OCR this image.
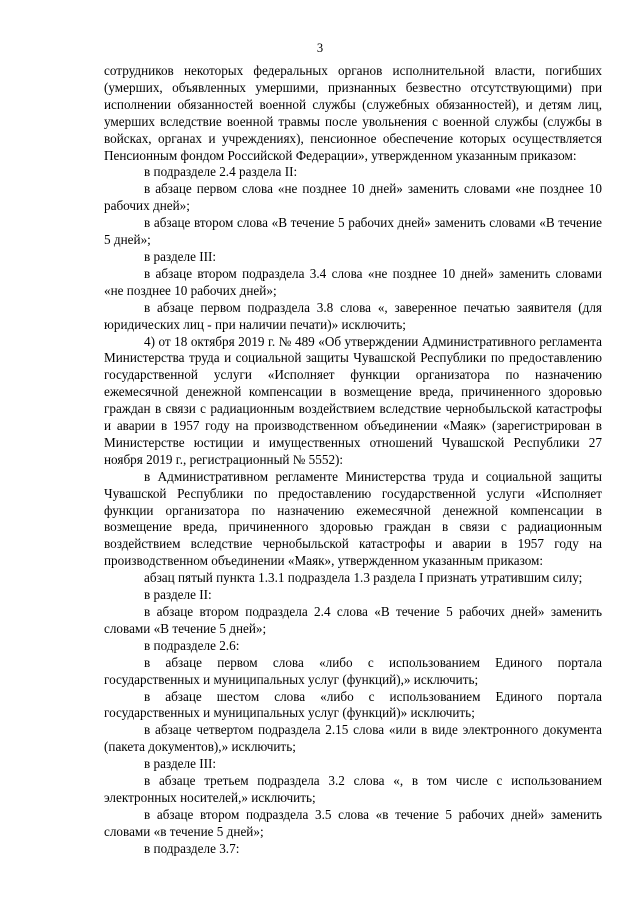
3

сотрудников некоторых федеральных органов исполнительной власти, погибших (умерших, объявленных умершими, признанных безвестно отсутствующими) при исполнении обязанностей военной службы (служебных обязанностей), и детям лиц, умерших вследствие военной травмы после увольнения с военной службы (службы в войсках, органах и учреждениях), пенсионное обеспечение которых осуществляется Пенсионным фондом Российской Федерации», утвержденном указанным приказом:

в подразделе 2.4 раздела II:

в абзаце первом слова «не позднее 10 дней» заменить словами «не позднее 10 рабочих дней»;

в абзаце втором слова «В течение 5 рабочих дней» заменить словами «В течение 5 дней»;

в разделе III:

в абзаце втором подраздела 3.4 слова «не позднее 10 дней» заменить словами «не позднее 10 рабочих дней»;

в абзаце первом подраздела 3.8 слова «, заверенное печатью заявителя (для юридических лиц - при наличии печати)» исключить;

4) от 18 октября 2019 г. № 489 «Об утверждении Административного регламента Министерства труда и социальной защиты Чувашской Республики по предоставлению государственной услуги «Исполняет функции организатора по назначению ежемесячной денежной компенсации в возмещение вреда, причиненного здоровью граждан в связи с радиационным воздействием вследствие чернобыльской катастрофы и аварии в 1957 году на производственном объединении «Маяк» (зарегистрирован в Министерстве юстиции и имущественных отношений Чувашской Республики 27 ноября 2019 г., регистрационный № 5552):

в Административном регламенте Министерства труда и социальной защиты Чувашской Республики по предоставлению государственной услуги «Исполняет функции организатора по назначению ежемесячной денежной компенсации в возмещение вреда, причиненного здоровью граждан в связи с радиационным воздействием вследствие чернобыльской катастрофы и аварии в 1957 году на производственном объединении «Маяк», утвержденном указанным приказом:

абзац пятый пункта 1.3.1 подраздела 1.3 раздела I признать утратившим силу;

в разделе II:

в абзаце втором подраздела 2.4 слова «В течение 5 рабочих дней» заменить словами «В течение 5 дней»;

в подразделе 2.6:

в абзаце первом слова «либо с использованием Единого портала государственных и муниципальных услуг (функций),» исключить;

в абзаце шестом слова «либо с использованием Единого портала государственных и муниципальных услуг (функций)» исключить;

в абзаце четвертом подраздела 2.15 слова «или в виде электронного документа (пакета документов),» исключить;

в разделе III:

в абзаце третьем подраздела 3.2 слова «, в том числе с использованием электронных носителей,» исключить;

в абзаце втором подраздела 3.5 слова «в течение 5 рабочих дней» заменить словами «в течение 5 дней»;

в подразделе 3.7:
